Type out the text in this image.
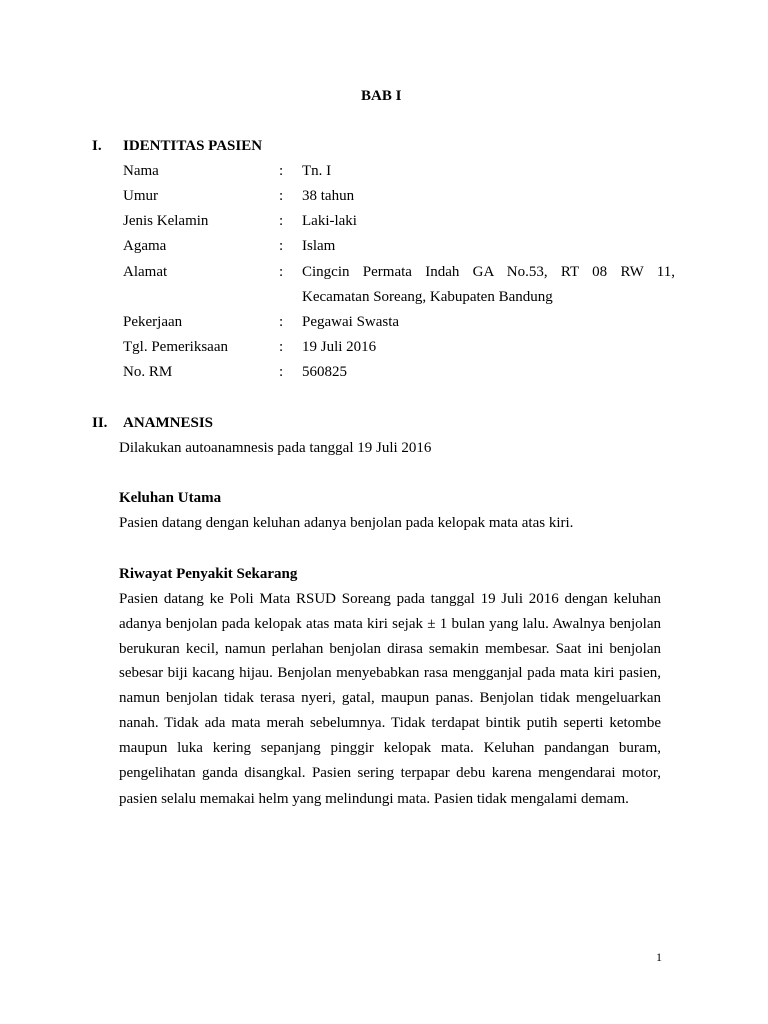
BAB I
I. IDENTITAS PASIEN
Nama	: Tn. I
Umur	: 38 tahun
Jenis Kelamin	: Laki-laki
Agama	: Islam
Alamat	: Cingcin Permata Indah GA No.53, RT 08 RW 11,
Kecamatan Soreang, Kabupaten Bandung
Pekerjaan	: Pegawai Swasta
Tgl. Pemeriksaan	: 19 Juli 2016
No. RM	: 560825
II. ANAMNESIS
Dilakukan autoanamnesis pada tanggal 19 Juli 2016
Keluhan Utama
Pasien datang dengan keluhan adanya benjolan pada kelopak mata atas kiri.
Riwayat Penyakit Sekarang
Pasien datang ke Poli Mata RSUD Soreang pada tanggal 19 Juli 2016 dengan keluhan
adanya benjolan pada kelopak atas mata kiri sejak ± 1 bulan yang lalu. Awalnya benjolan
berukuran kecil, namun perlahan benjolan dirasa semakin membesar. Saat ini benjolan
sebesar biji kacang hijau. Benjolan menyebabkan rasa mengganjal pada mata kiri pasien,
namun benjolan tidak terasa nyeri, gatal, maupun panas. Benjolan tidak mengeluarkan
nanah. Tidak ada mata merah sebelumnya. Tidak terdapat bintik putih seperti ketombe
maupun luka kering sepanjang pinggir kelopak mata. Keluhan pandangan buram,
pengelihatan ganda disangkal. Pasien sering terpapar debu karena mengendarai motor,
pasien selalu memakai helm yang melindungi mata. Pasien tidak mengalami demam.
1
